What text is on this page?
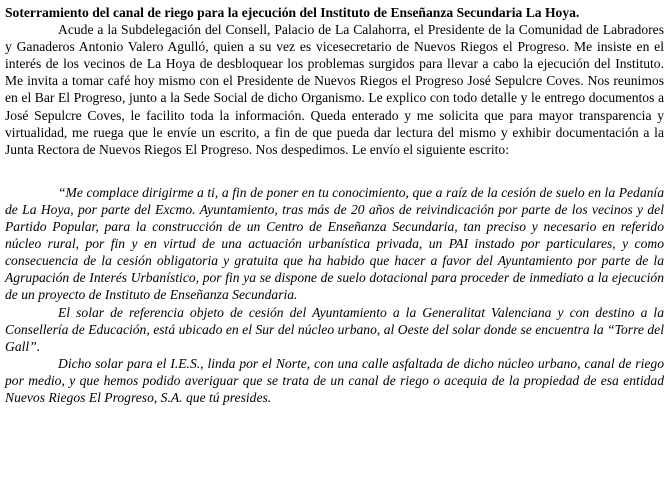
Soterramiento del canal de riego para la ejecución del Instituto de Enseñanza Secundaria La Hoya.

Acude a la Subdelegación del Consell, Palacio de La Calahorra, el Presidente de la Comunidad de Labradores y Ganaderos Antonio Valero Agulló, quien a su vez es vicesecretario de Nuevos Riegos el Progreso. Me insiste en el interés de los vecinos de La Hoya de desbloquear los problemas surgidos para llevar a cabo la ejecución del Instituto. Me invita a tomar café hoy mismo con el Presidente de Nuevos Riegos el Progreso José Sepulcre Coves. Nos reunimos en el Bar El Progreso, junto a la Sede Social de dicho Organismo. Le explico con todo detalle y le entrego documentos a José Sepulcre Coves, le facilito toda la información. Queda enterado y me solicita que para mayor transparencia y virtualidad, me ruega que le envíe un escrito, a fin de que pueda dar lectura del mismo y exhibir documentación a la Junta Rectora de Nuevos Riegos El Progreso. Nos despedimos. Le envío el siguiente escrito:

“Me complace dirigirme a ti, a fin de poner en tu conocimiento, que a raíz de la cesión de suelo en la Pedanía de La Hoya, por parte del Excmo. Ayuntamiento, tras más de 20 años de reivindicación por parte de los vecinos y del Partido Popular, para la construcción de un Centro de Enseñanza Secundaria, tan preciso y necesario en referido núcleo rural, por fin y en virtud de una actuación urbanística privada, un PAI instado por particulares, y como consecuencia de la cesión obligatoria y gratuita que ha habido que hacer a favor del Ayuntamiento por parte de la Agrupación de Interés Urbanístico, por fin ya se dispone de suelo dotacional para proceder de inmediato a la ejecución de un proyecto de Instituto de Enseñanza Secundaria.

El solar de referencia objeto de cesión del Ayuntamiento a la Generalitat Valenciana y con destino a la Consellería de Educación, está ubicado en el Sur del núcleo urbano, al Oeste del solar donde se encuentra la “Torre del Gall”.

Dicho solar para el I.E.S., linda por el Norte, con una calle asfaltada de dicho núcleo urbano, canal de riego por medio, y que hemos podido averiguar que se trata de un canal de riego o acequia de la propiedad de esa entidad Nuevos Riegos El Progreso, S.A. que tú presides.
